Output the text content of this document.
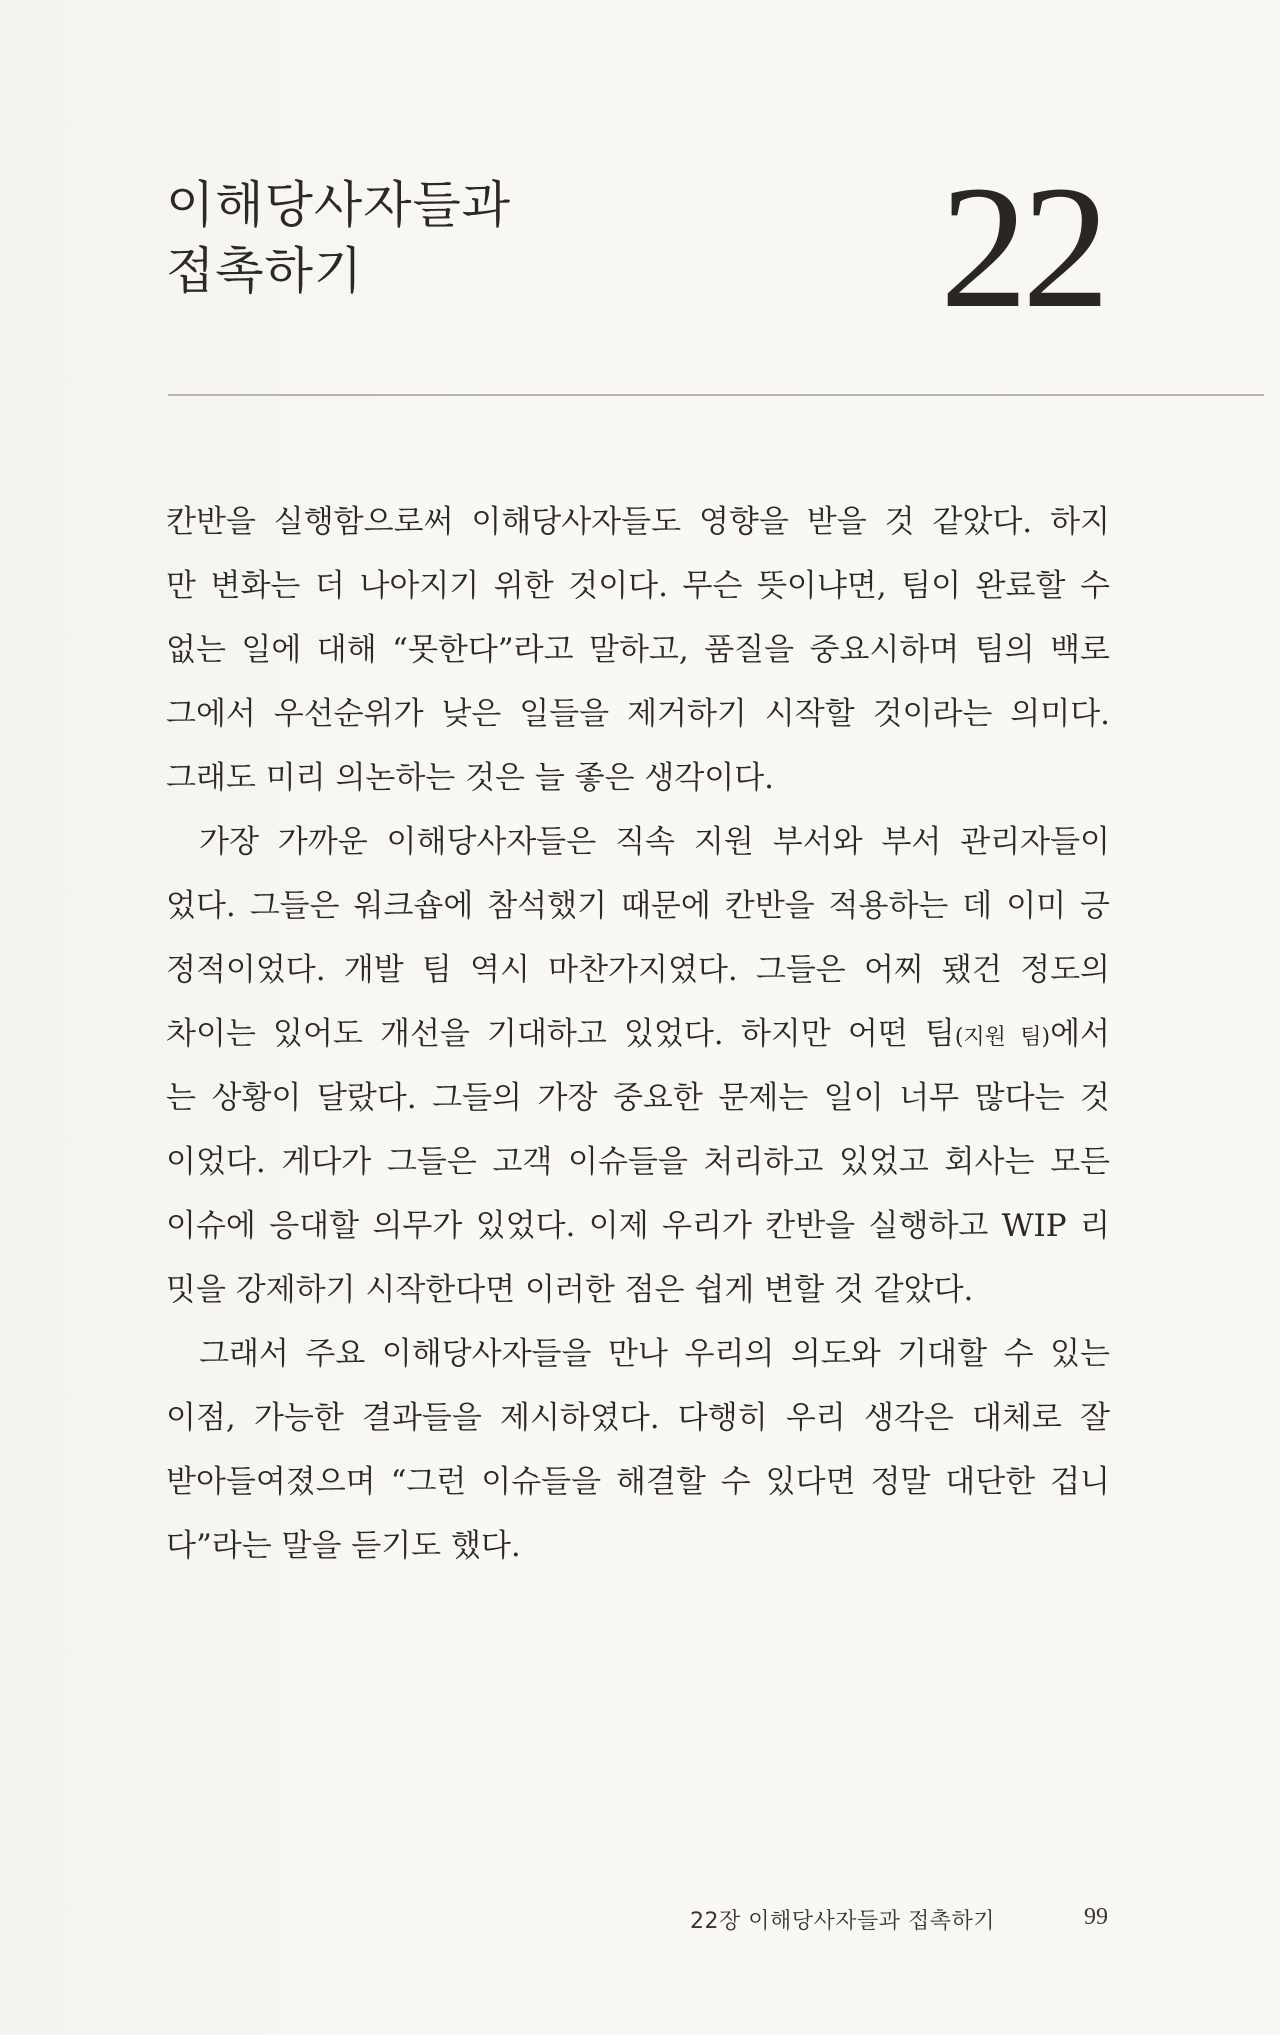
이해당사자들과
접촉하기	22

칸반을 실행함으로써 이해당사자들도 영향을 받을 것 같았다. 하지
만 변화는 더 나아지기 위한 것이다. 무슨 뜻이냐면, 팀이 완료할 수
없는 일에 대해 “못한다”라고 말하고, 품질을 중요시하며 팀의 백로
그에서 우선순위가 낮은 일들을 제거하기 시작할 것이라는 의미다.
그래도 미리 의논하는 것은 늘 좋은 생각이다.

가장 가까운 이해당사자들은 직속 지원 부서와 부서 관리자들이
었다. 그들은 워크숍에 참석했기 때문에 칸반을 적용하는 데 이미 긍
정적이었다. 개발 팀 역시 마찬가지였다. 그들은 어찌 됐건 정도의
차이는 있어도 개선을 기대하고 있었다. 하지만 어떤 팀(지원 팀)에서
는 상황이 달랐다. 그들의 가장 중요한 문제는 일이 너무 많다는 것
이었다. 게다가 그들은 고객 이슈들을 처리하고 있었고 회사는 모든
이슈에 응대할 의무가 있었다. 이제 우리가 칸반을 실행하고 WIP 리
밋을 강제하기 시작한다면 이러한 점은 쉽게 변할 것 같았다.

그래서 주요 이해당사자들을 만나 우리의 의도와 기대할 수 있는
이점, 가능한 결과들을 제시하였다. 다행히 우리 생각은 대체로 잘
받아들여졌으며 “그런 이슈들을 해결할 수 있다면 정말 대단한 겁니
다”라는 말을 듣기도 했다.

22장 이해당사자들과 접촉하기	99
